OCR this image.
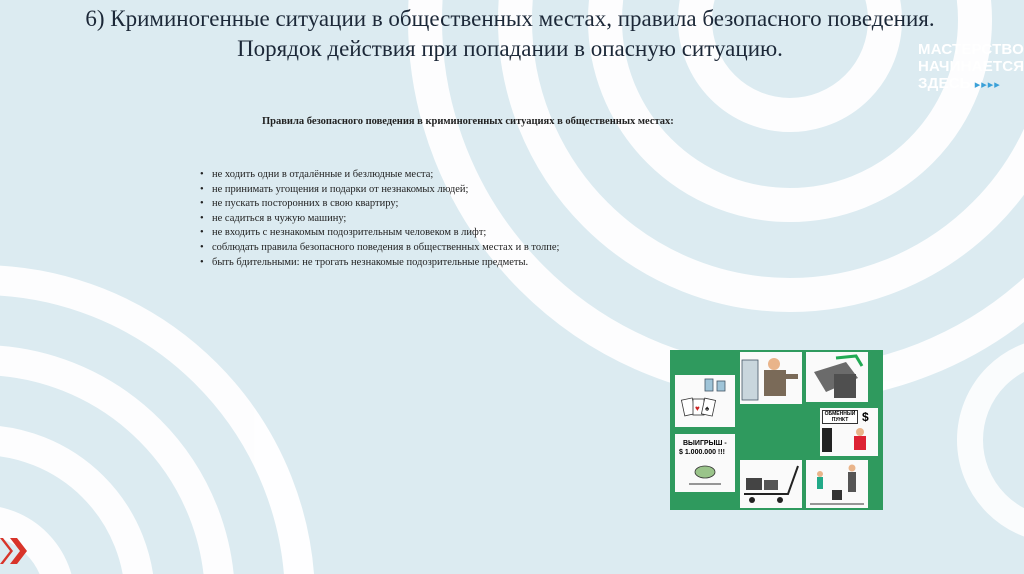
6) Криминогенные ситуации в общественных местах, правила безопасного поведения.
Порядок действия при попадании в опасную ситуацию.	МАСТЕРСТВО
НАЧИНАЕТСЯ
ЗДЕСЬ ▸▸▸▸
Правила безопасного поведения в криминогенных ситуациях в общественных местах:
• не ходить одни в отдалённые и безлюдные места;
• не принимать угощения и подарки от незнакомых людей;
• не пускать посторонних в свою квартиру;
• не садиться в чужую машину;
• не входить с незнакомым подозрительным человеком в лифт;
• соблюдать правила безопасного поведения в общественных местах и в толпе;
• быть бдительными: не трогать незнакомые подозрительные предметы.
♥ ♠
ОБМЕННЫЙ ПУНКТ	$
ВЫИГРЫШ -
$ 1.000.000 !!!
